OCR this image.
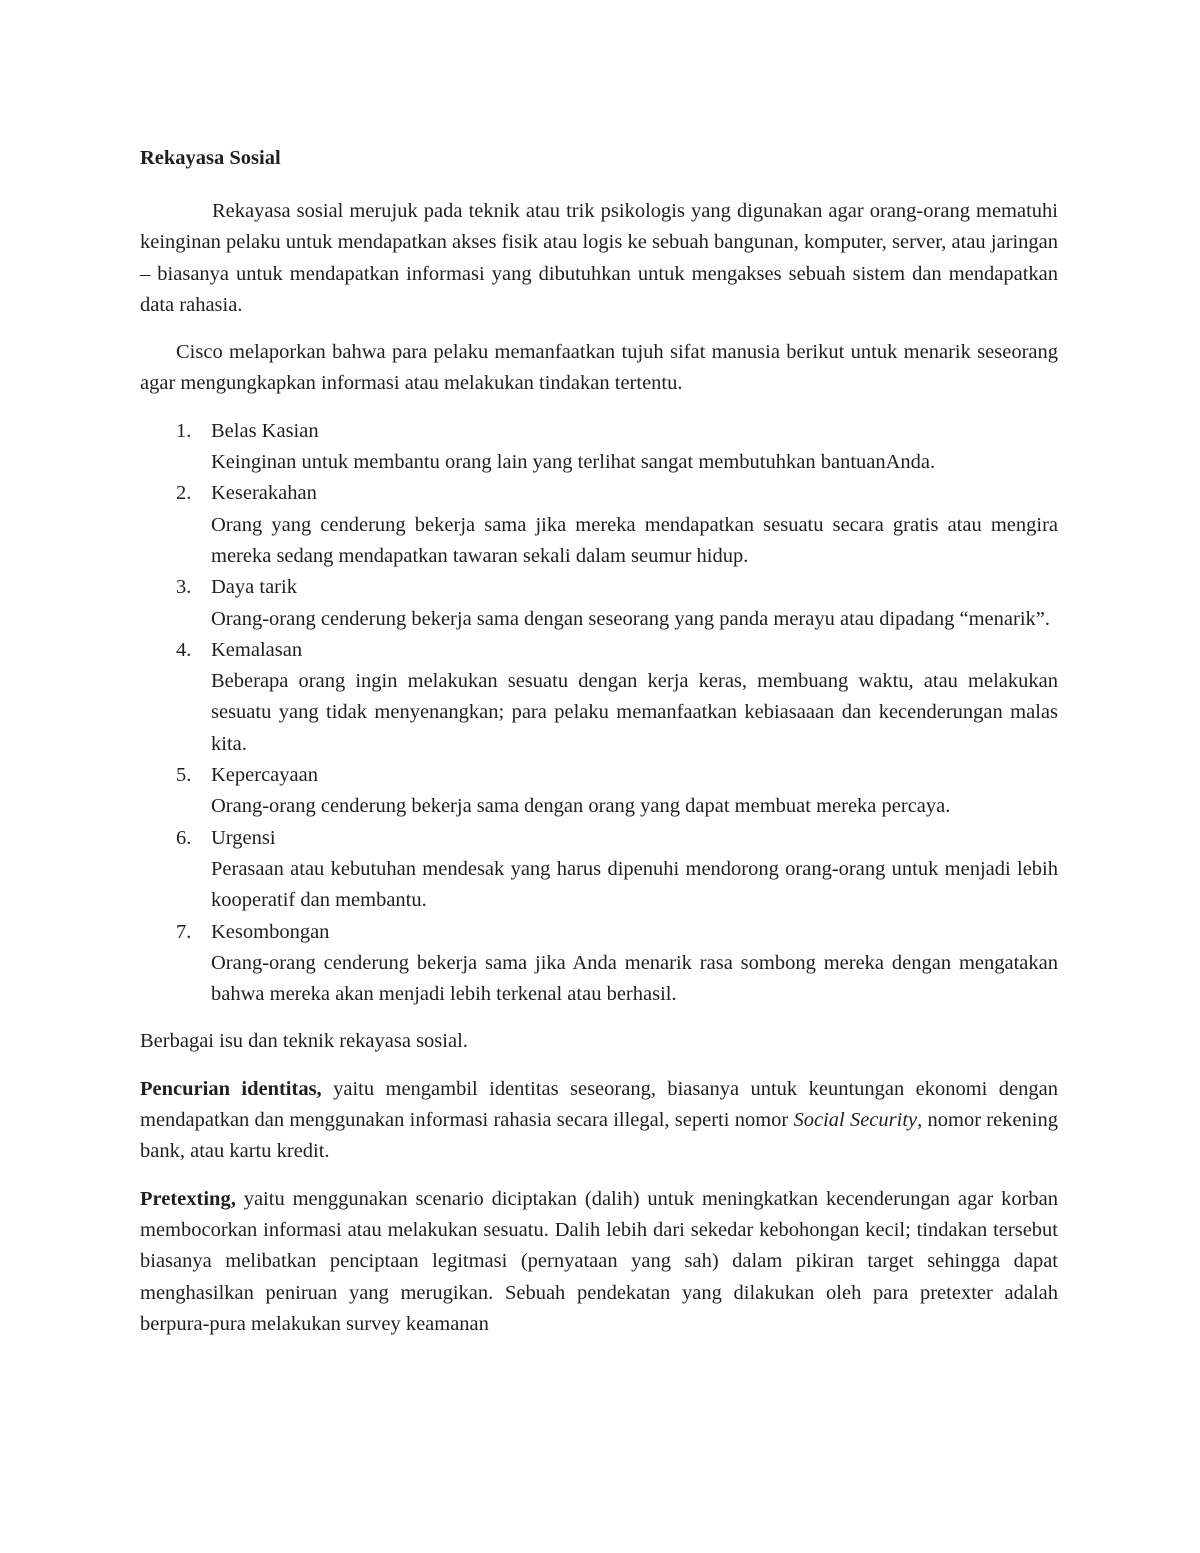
Rekayasa Sosial

Rekayasa sosial merujuk pada teknik atau trik psikologis yang digunakan agar orang-orang mematuhi keinginan pelaku untuk mendapatkan akses fisik atau logis ke sebuah bangunan, komputer, server, atau jaringan – biasanya untuk mendapatkan informasi yang dibutuhkan untuk mengakses sebuah sistem dan mendapatkan data rahasia.

Cisco melaporkan bahwa para pelaku memanfaatkan tujuh sifat manusia berikut untuk menarik seseorang agar mengungkapkan informasi atau melakukan tindakan tertentu.

1. Belas Kasian
Keinginan untuk membantu orang lain yang terlihat sangat membutuhkan bantuanAnda.
2. Keserakahan
Orang yang cenderung bekerja sama jika mereka mendapatkan sesuatu secara gratis atau mengira mereka sedang mendapatkan tawaran sekali dalam seumur hidup.
3. Daya tarik
Orang-orang cenderung bekerja sama dengan seseorang yang panda merayu atau dipadang “menarik”.
4. Kemalasan
Beberapa orang ingin melakukan sesuatu dengan kerja keras, membuang waktu, atau melakukan sesuatu yang tidak menyenangkan; para pelaku memanfaatkan kebiasaaan dan kecenderungan malas kita.
5. Kepercayaan
Orang-orang cenderung bekerja sama dengan orang yang dapat membuat mereka percaya.
6. Urgensi
Perasaan atau kebutuhan mendesak yang harus dipenuhi mendorong orang-orang untuk menjadi lebih kooperatif dan membantu.
7. Kesombongan
Orang-orang cenderung bekerja sama jika Anda menarik rasa sombong mereka dengan mengatakan bahwa mereka akan menjadi lebih terkenal atau berhasil.

Berbagai isu dan teknik rekayasa sosial.

Pencurian identitas, yaitu mengambil identitas seseorang, biasanya untuk keuntungan ekonomi dengan mendapatkan dan menggunakan informasi rahasia secara illegal, seperti nomor Social Security, nomor rekening bank, atau kartu kredit.

Pretexting, yaitu menggunakan scenario diciptakan (dalih) untuk meningkatkan kecenderungan agar korban membocorkan informasi atau melakukan sesuatu. Dalih lebih dari sekedar kebohongan kecil; tindakan tersebut biasanya melibatkan penciptaan legitmasi (pernyataan yang sah) dalam pikiran target sehingga dapat menghasilkan peniruan yang merugikan. Sebuah pendekatan yang dilakukan oleh para pretexter adalah berpura-pura melakukan survey keamanan
